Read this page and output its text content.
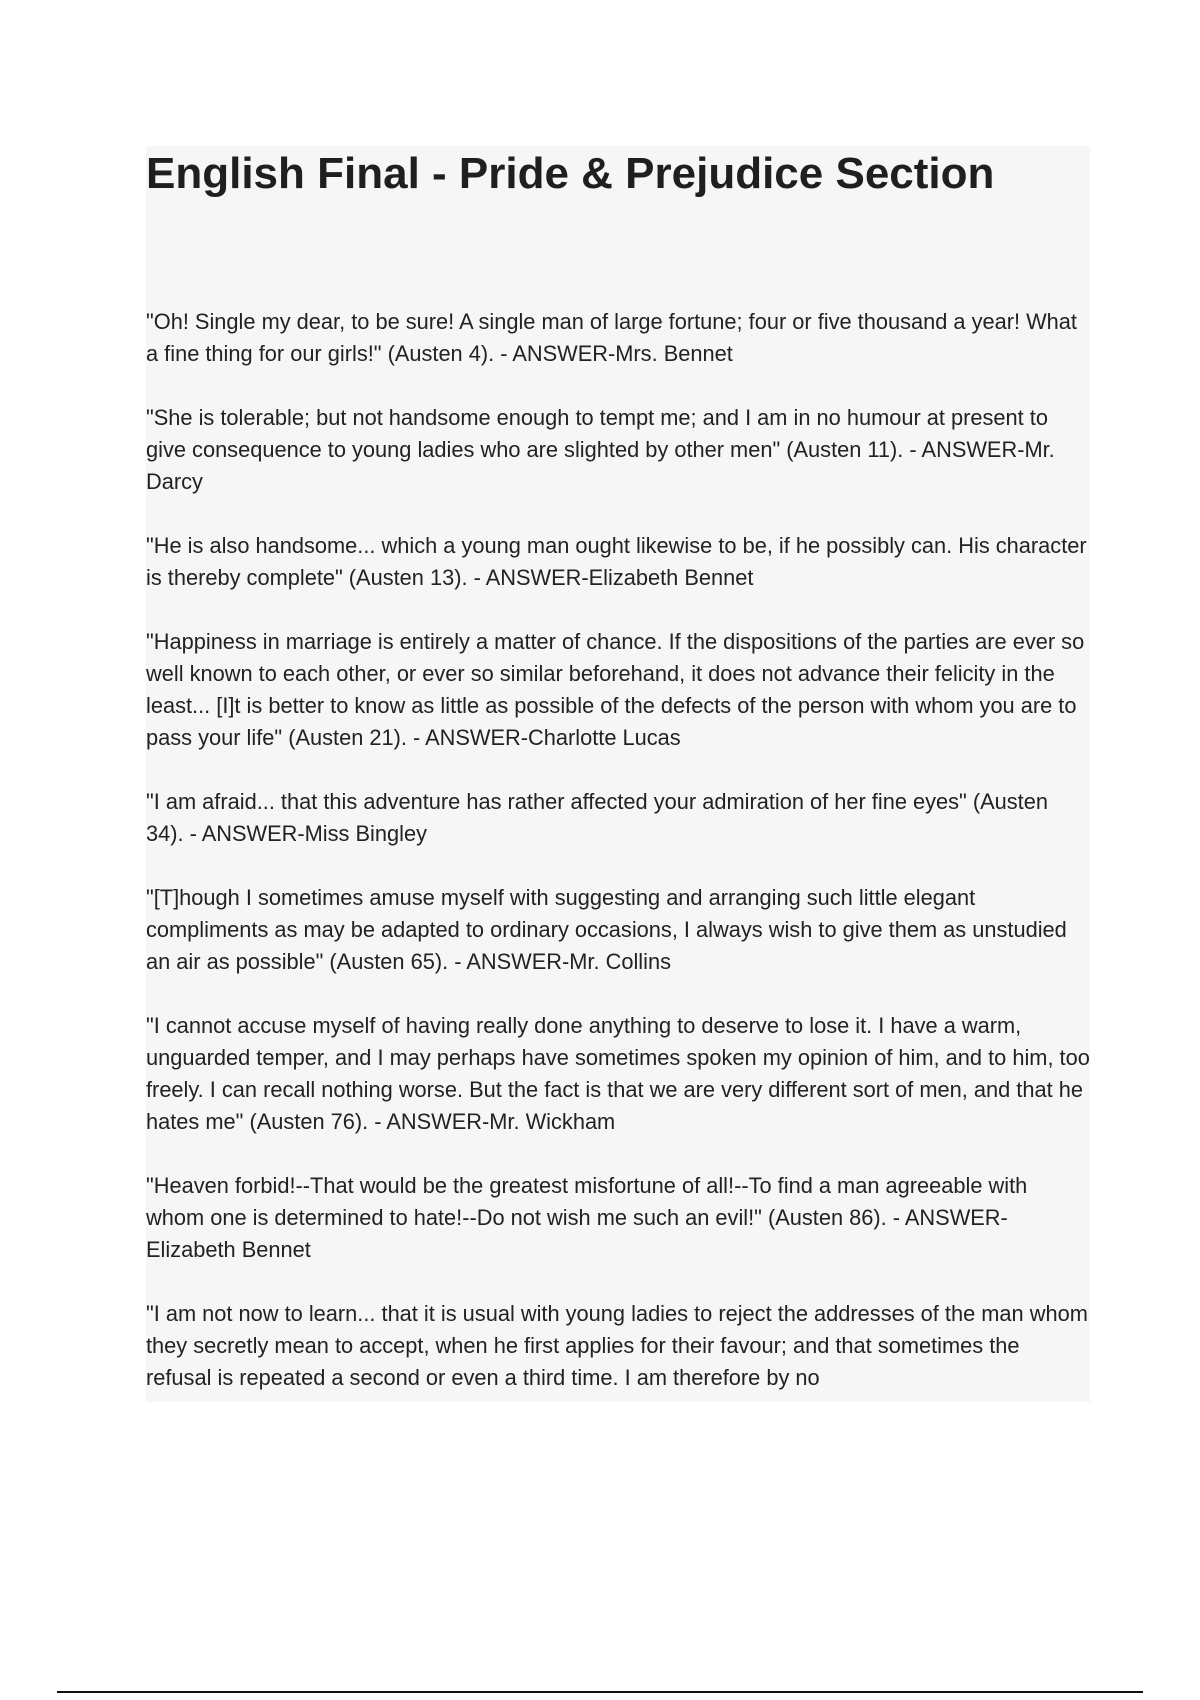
English Final - Pride & Prejudice Section

"Oh! Single my dear, to be sure! A single man of large fortune; four or five thousand a year! What a fine thing for our girls!" (Austen 4). - ANSWER-Mrs. Bennet

"She is tolerable; but not handsome enough to tempt me; and I am in no humour at present to give consequence to young ladies who are slighted by other men" (Austen 11). - ANSWER-Mr. Darcy

"He is also handsome... which a young man ought likewise to be, if he possibly can. His character is thereby complete" (Austen 13). - ANSWER-Elizabeth Bennet

"Happiness in marriage is entirely a matter of chance. If the dispositions of the parties are ever so well known to each other, or ever so similar beforehand, it does not advance their felicity in the least... [I]t is better to know as little as possible of the defects of the person with whom you are to pass your life" (Austen 21). - ANSWER-Charlotte Lucas

"I am afraid... that this adventure has rather affected your admiration of her fine eyes" (Austen 34). - ANSWER-Miss Bingley

"[T]hough I sometimes amuse myself with suggesting and arranging such little elegant compliments as may be adapted to ordinary occasions, I always wish to give them as unstudied an air as possible" (Austen 65). - ANSWER-Mr. Collins

"I cannot accuse myself of having really done anything to deserve to lose it. I have a warm, unguarded temper, and I may perhaps have sometimes spoken my opinion of him, and to him, too freely. I can recall nothing worse. But the fact is that we are very different sort of men, and that he hates me" (Austen 76). - ANSWER-Mr. Wickham

"Heaven forbid!--That would be the greatest misfortune of all!--To find a man agreeable with whom one is determined to hate!--Do not wish me such an evil!" (Austen 86). - ANSWER-Elizabeth Bennet

"I am not now to learn... that it is usual with young ladies to reject the addresses of the man whom they secretly mean to accept, when he first applies for their favour; and that sometimes the refusal is repeated a second or even a third time. I am therefore by no
